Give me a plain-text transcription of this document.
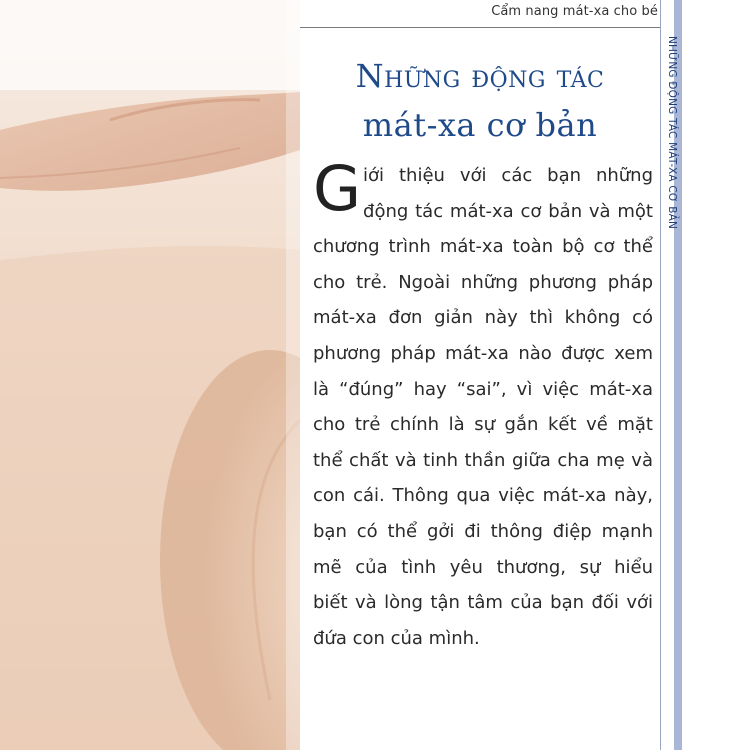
Cẩm nang mát-xa cho bé
NHỮNG ĐỘNG TÁC MÁT-XA CƠ BẢN
Những động tác
mát-xa cơ bản
G iới thiệu với các bạn những
động tác mát-xa cơ bản và một
chương trình mát-xa toàn bộ cơ thể
cho trẻ. Ngoài những phương pháp
mát-xa đơn giản này thì không có
phương pháp mát-xa nào được xem
là “đúng” hay “sai”, vì việc mát-xa
cho trẻ chính là sự gắn kết về mặt
thể chất và tinh thần giữa cha mẹ và
con cái. Thông qua việc mát-xa này,
bạn có thể gởi đi thông điệp mạnh
mẽ của tình yêu thương, sự hiểu
biết và lòng tận tâm của bạn đối với
đứa con của mình.
